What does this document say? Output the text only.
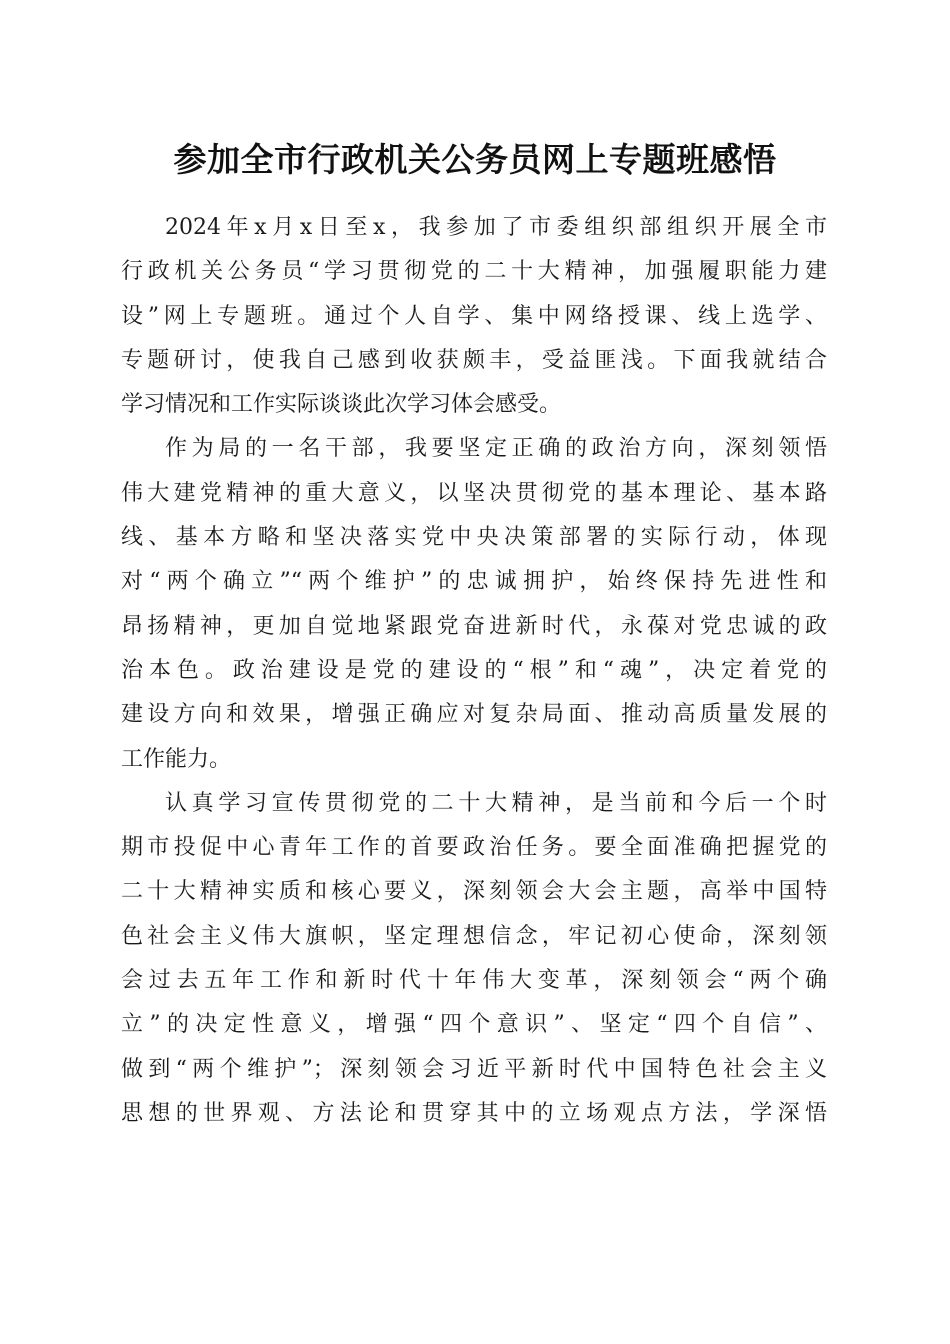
参加全市行政机关公务员网上专题班感悟
2024年x月x日至x，我参加了市委组织部组织开展全市
行政机关公务员“学习贯彻党的二十大精神，加强履职能力建
设”网上专题班。通过个人自学、集中网络授课、线上选学、
专题研讨，使我自己感到收获颇丰，受益匪浅。下面我就结合
学习情况和工作实际谈谈此次学习体会感受。
作为局的一名干部，我要坚定正确的政治方向，深刻领悟
伟大建党精神的重大意义，以坚决贯彻党的基本理论、基本路
线、基本方略和坚决落实党中央决策部署的实际行动，体现
对“两个确立”“两个维护”的忠诚拥护，始终保持先进性和
昂扬精神，更加自觉地紧跟党奋进新时代，永葆对党忠诚的政
治本色。政治建设是党的建设的“根”和“魂”，决定着党的
建设方向和效果，增强正确应对复杂局面、推动高质量发展的
工作能力。
认真学习宣传贯彻党的二十大精神，是当前和今后一个时
期市投促中心青年工作的首要政治任务。要全面准确把握党的
二十大精神实质和核心要义，深刻领会大会主题，高举中国特
色社会主义伟大旗帜，坚定理想信念，牢记初心使命，深刻领
会过去五年工作和新时代十年伟大变革，深刻领会“两个确
立”的决定性意义，增强“四个意识”、坚定“四个自信”、
做到“两个维护”；深刻领会习近平新时代中国特色社会主义
思想的世界观、方法论和贯穿其中的立场观点方法，学深悟
